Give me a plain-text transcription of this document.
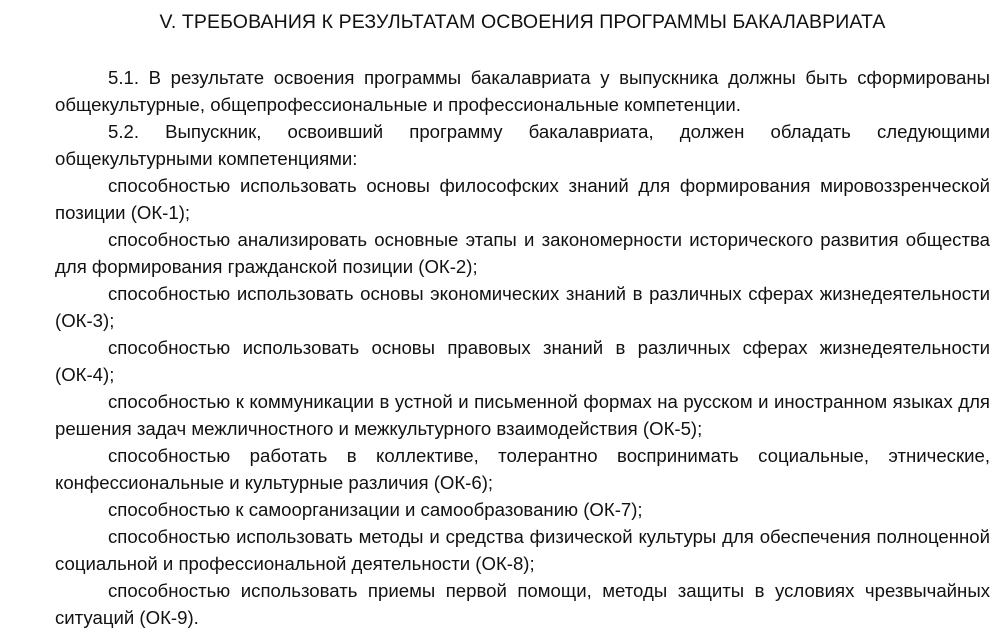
V. ТРЕБОВАНИЯ К РЕЗУЛЬТАТАМ ОСВОЕНИЯ ПРОГРАММЫ БАКАЛАВРИАТА

5.1. В результате освоения программы бакалавриата у выпускника должны быть сформированы общекультурные, общепрофессиональные и профессиональные компетенции.

5.2. Выпускник, освоивший программу бакалавриата, должен обладать следующими общекультурными компетенциями:

способностью использовать основы философских знаний для формирования мировоззренческой позиции (ОК-1);

способностью анализировать основные этапы и закономерности исторического развития общества для формирования гражданской позиции (ОК-2);

способностью использовать основы экономических знаний в различных сферах жизнедеятельности (ОК-3);

способностью использовать основы правовых знаний в различных сферах жизнедеятельности (ОК-4);

способностью к коммуникации в устной и письменной формах на русском и иностранном языках для решения задач межличностного и межкультурного взаимодействия (ОК-5);

способностью работать в коллективе, толерантно воспринимать социальные, этнические, конфессиональные и культурные различия (ОК-6);

способностью к самоорганизации и самообразованию (ОК-7);

способностью использовать методы и средства физической культуры для обеспечения полноценной социальной и профессиональной деятельности (ОК-8);

способностью использовать приемы первой помощи, методы защиты в условиях чрезвычайных ситуаций (ОК-9).
